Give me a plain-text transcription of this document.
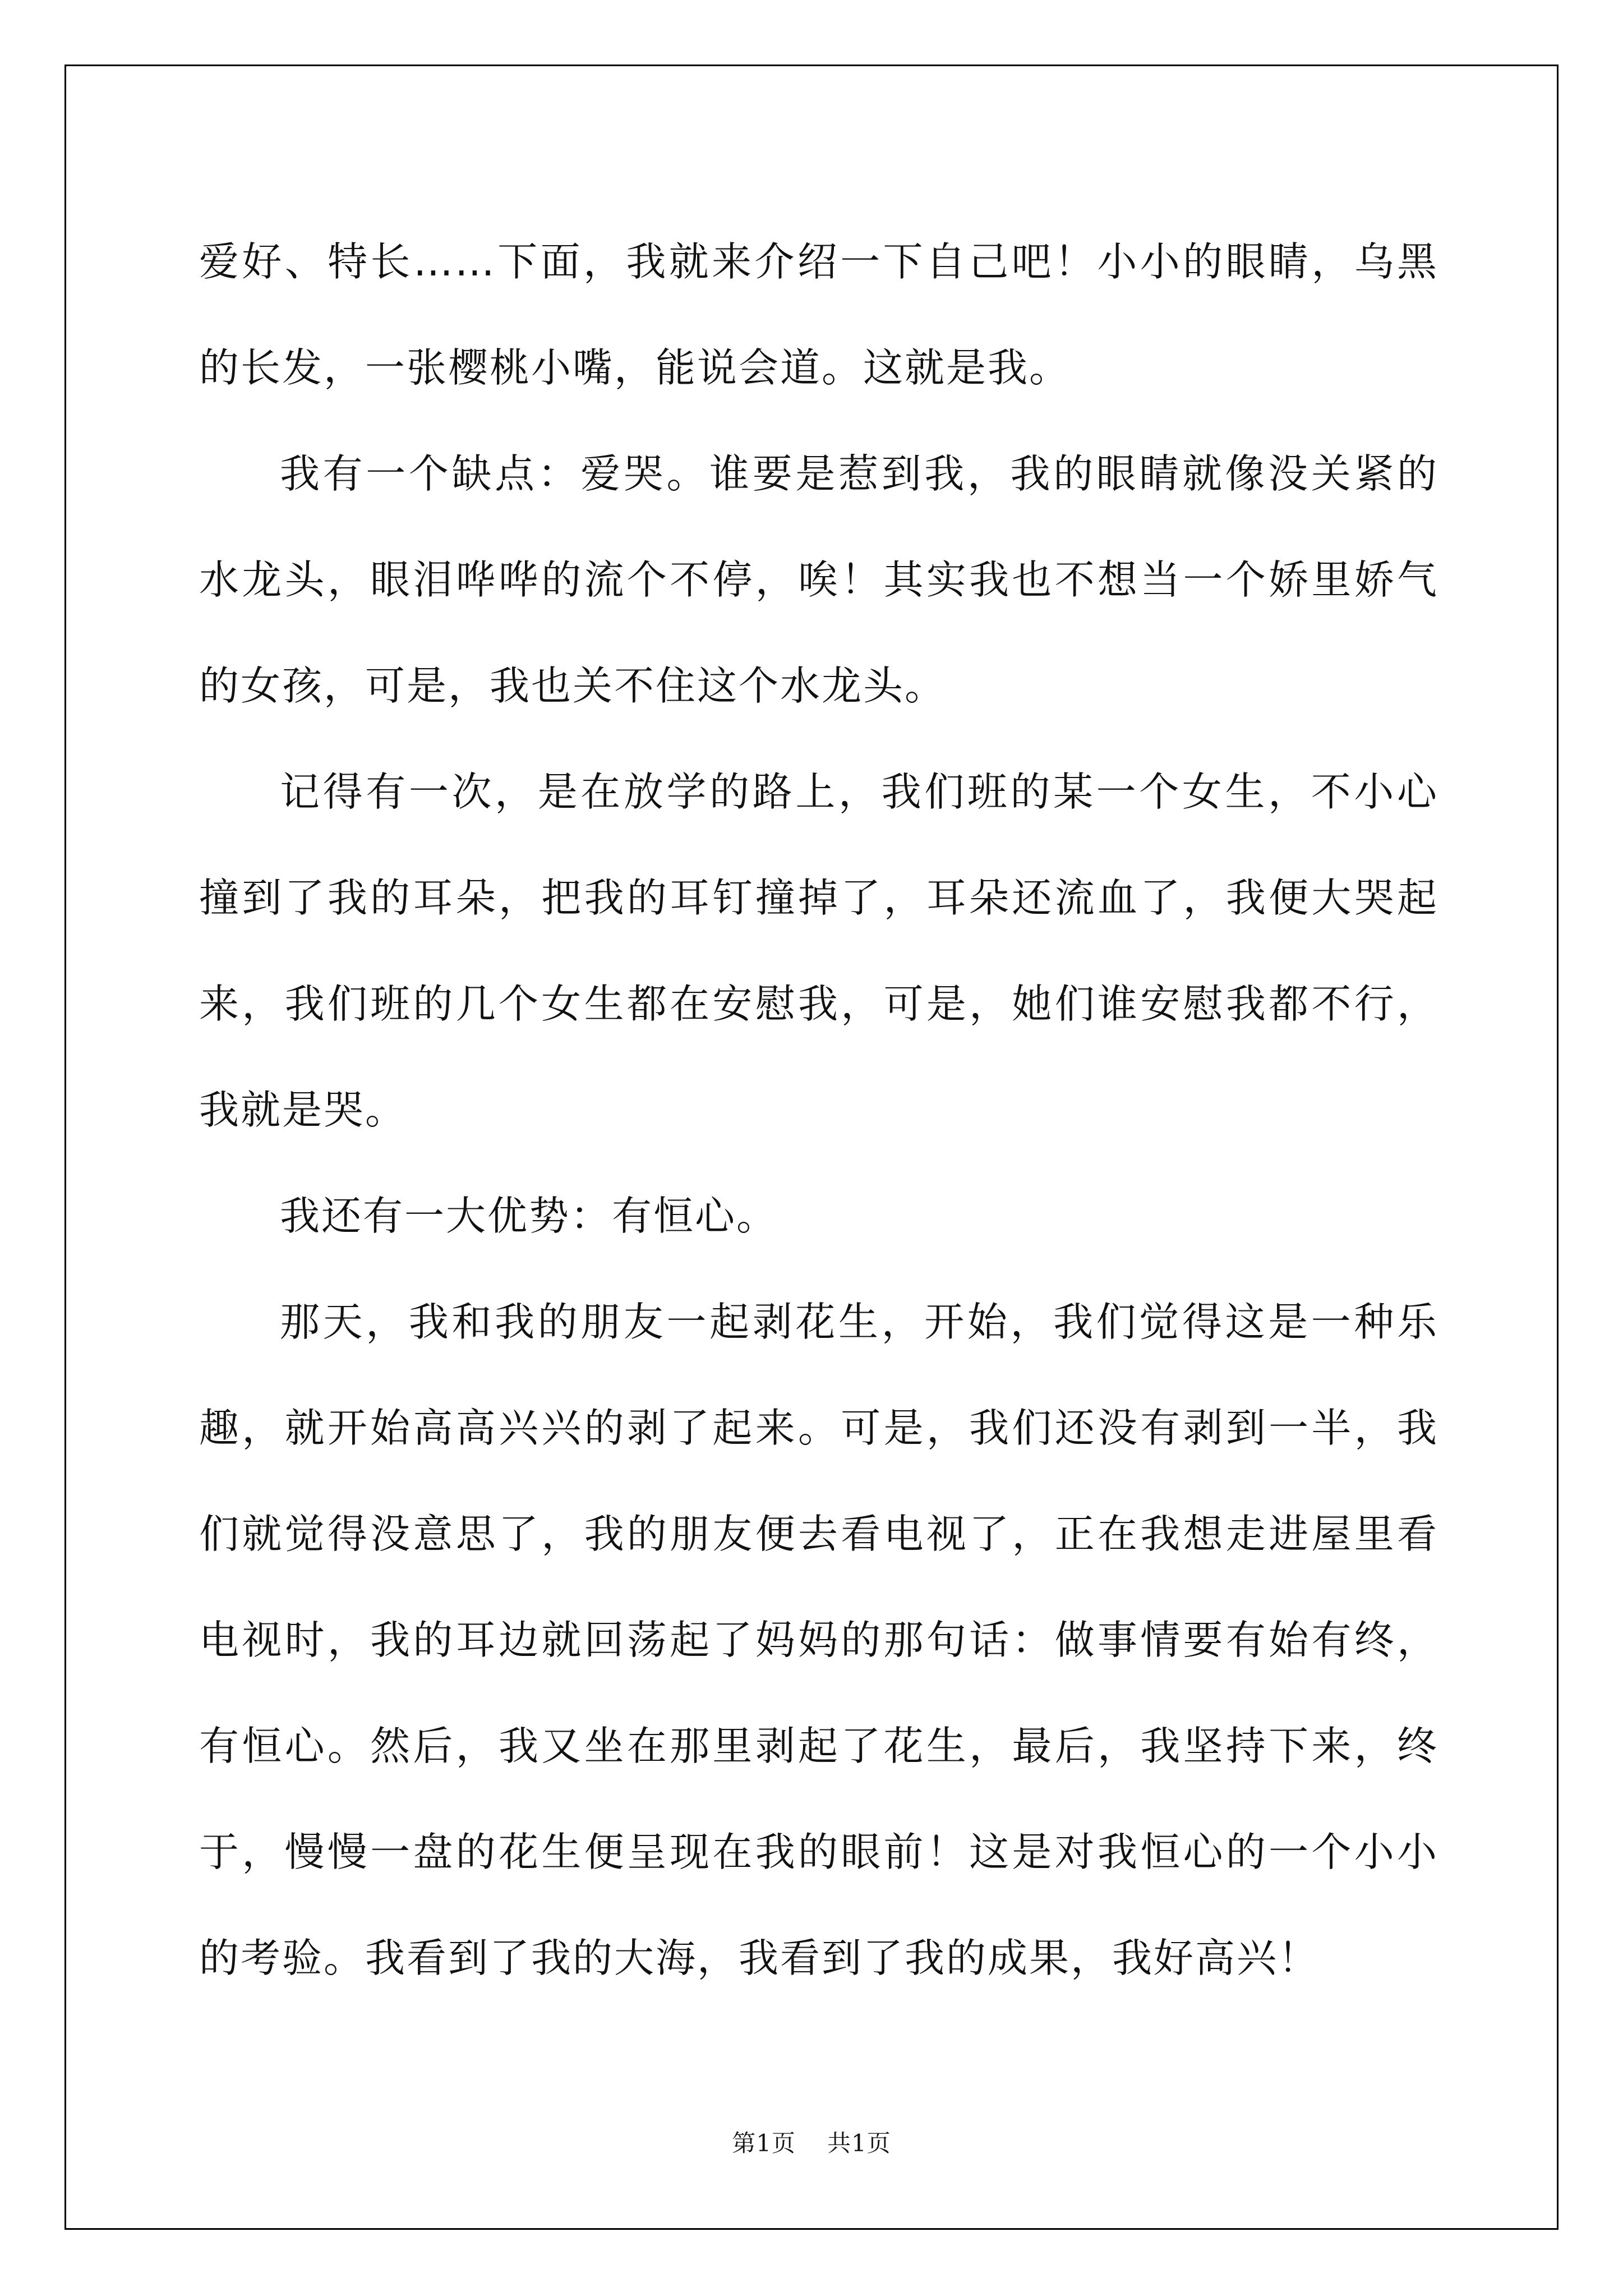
爱好、特长……下面，我就来介绍一下自己吧！小小的眼睛，乌黑的长发，一张樱桃小嘴，能说会道。这就是我。

我有一个缺点：爱哭。谁要是惹到我，我的眼睛就像没关紧的水龙头，眼泪哗哗的流个不停，唉！其实我也不想当一个娇里娇气的女孩，可是，我也关不住这个水龙头。

记得有一次，是在放学的路上，我们班的某一个女生，不小心撞到了我的耳朵，把我的耳钉撞掉了，耳朵还流血了，我便大哭起来，我们班的几个女生都在安慰我，可是，她们谁安慰我都不行，我就是哭。

我还有一大优势：有恒心。

那天，我和我的朋友一起剥花生，开始，我们觉得这是一种乐趣，就开始高高兴兴的剥了起来。可是，我们还没有剥到一半，我们就觉得没意思了，我的朋友便去看电视了，正在我想走进屋里看电视时，我的耳边就回荡起了妈妈的那句话：做事情要有始有终，有恒心。然后，我又坐在那里剥起了花生，最后，我坚持下来，终于，慢慢一盘的花生便呈现在我的眼前！这是对我恒心的一个小小的考验。我看到了我的大海，我看到了我的成果，我好高兴！

第1页 共1页
